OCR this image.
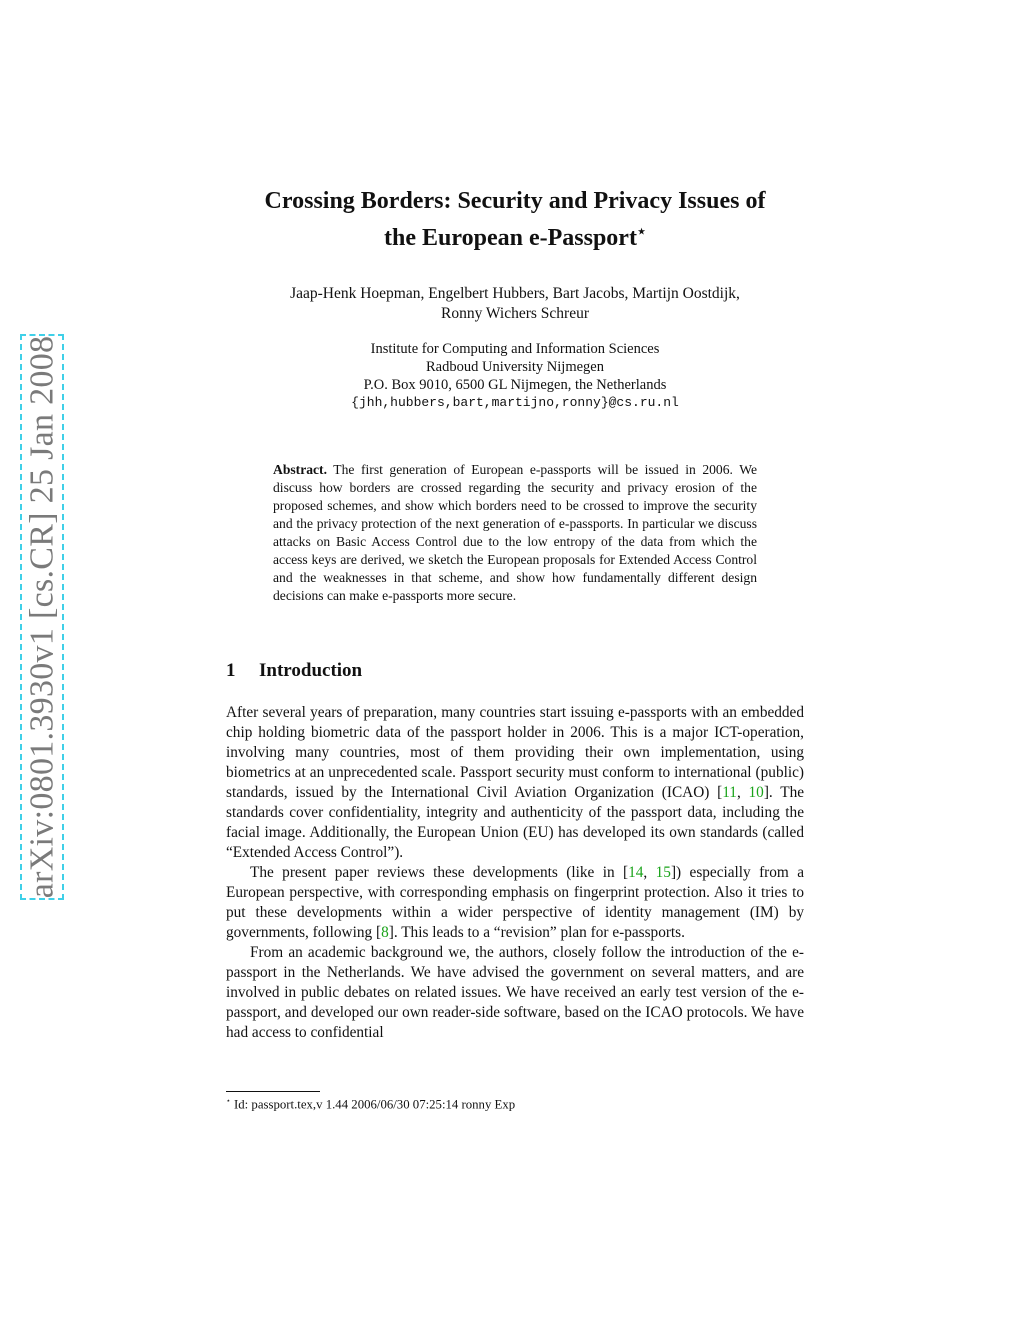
arXiv:0801.3930v1 [cs.CR] 25 Jan 2008
Crossing Borders: Security and Privacy Issues of
the European e-Passport⋆
Jaap-Henk Hoepman, Engelbert Hubbers, Bart Jacobs, Martijn Oostdijk,
Ronny Wichers Schreur
Institute for Computing and Information Sciences
Radboud University Nijmegen
P.O. Box 9010, 6500 GL Nijmegen, the Netherlands
{jhh,hubbers,bart,martijno,ronny}@cs.ru.nl
Abstract. The first generation of European e-passports will be issued in 2006. We discuss how borders are crossed regarding the security and privacy erosion of the proposed schemes, and show which borders need to be crossed to improve the security and the privacy protection of the next generation of e-passports. In particular we discuss attacks on Basic Access Control due to the low entropy of the data from which the access keys are derived, we sketch the European proposals for Extended Access Control and the weaknesses in that scheme, and show how fundamentally different design decisions can make e-passports more secure.
1 Introduction

After several years of preparation, many countries start issuing e-passports with an embedded chip holding biometric data of the passport holder in 2006. This is a major ICT-operation, involving many countries, most of them providing their own implementation, using biometrics at an unprecedented scale. Passport security must conform to international (public) standards, issued by the International Civil Aviation Organization (ICAO) [11, 10]. The standards cover confidentiality, integrity and authenticity of the passport data, including the facial image. Additionally, the European Union (EU) has developed its own standards (called “Extended Access Control”).

The present paper reviews these developments (like in [14, 15]) especially from a European perspective, with corresponding emphasis on fingerprint protection. Also it tries to put these developments within a wider perspective of identity management (IM) by governments, following [8]. This leads to a “revision” plan for e-passports.

From an academic background we, the authors, closely follow the introduction of the e-passport in the Netherlands. We have advised the government on several matters, and are involved in public debates on related issues. We have received an early test version of the e-passport, and developed our own reader-side software, based on the ICAO protocols. We have had access to confidential

⋆ Id: passport.tex,v 1.44 2006/06/30 07:25:14 ronny Exp
